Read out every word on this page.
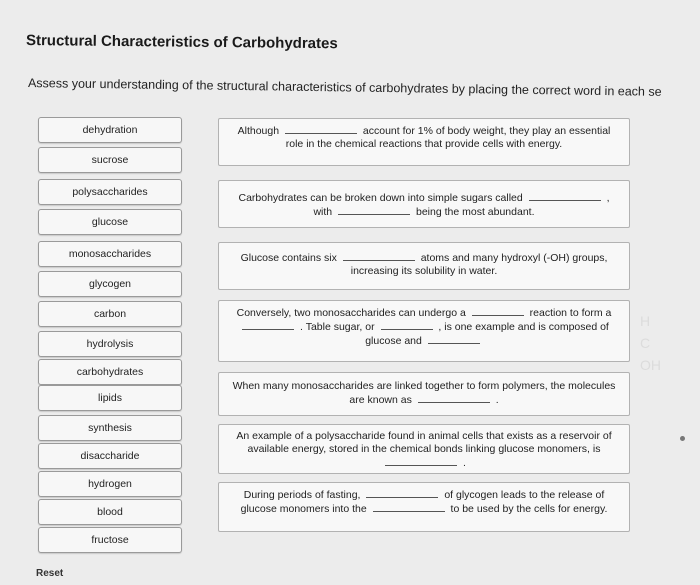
Structural Characteristics of Carbohydrates
Assess your understanding of the structural characteristics of carbohydrates by placing the correct word in each se
dehydration
sucrose
polysaccharides
glucose
monosaccharides
glycogen
carbon
hydrolysis
carbohydrates
lipids
synthesis
disaccharide
hydrogen
blood
fructose
Although	account for 1% of body weight, they play an essential role in the chemical reactions that provide cells with energy.
Carbohydrates can be broken down into simple sugars called	, with	being the most abundant.
Glucose contains six	atoms and many hydroxyl (-OH) groups, increasing its solubility in water.
Conversely, two monosaccharides can undergo a	reaction to form a  . Table sugar, or	, is one example and is composed of glucose and
When many monosaccharides are linked together to form polymers, the molecules are known as	.
An example of a polysaccharide found in animal cells that exists as a reservoir of available energy, stored in the chemical bonds linking glucose monomers, is  .
During periods of fasting,	of glycogen leads to the release of glucose monomers into the	to be used by the cells for energy.
Reset
H
C
OH
